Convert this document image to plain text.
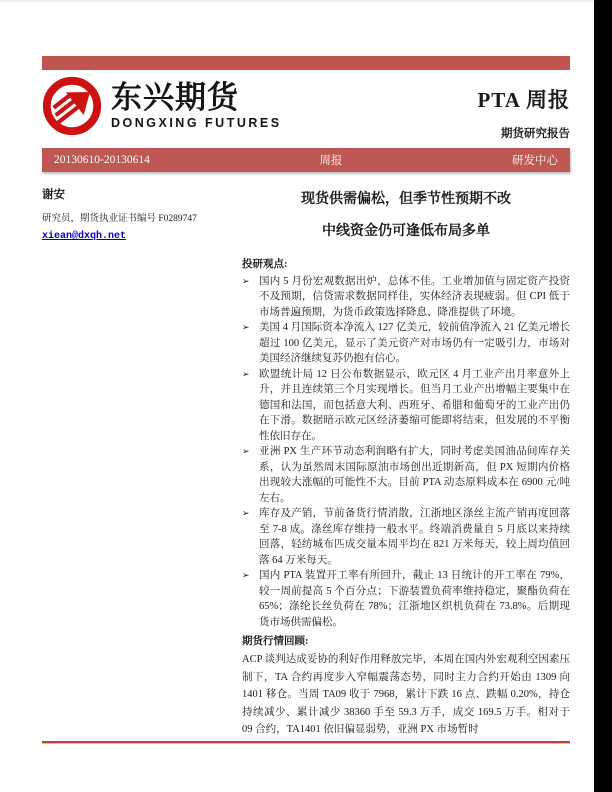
东兴期货
DONGXING FUTURES
PTA 周报
期货研究报告
20130610-20130614	周报	研发中心
谢安
研究员，期货执业证书编号 F0289747
xiean@dxqh.net
现货供需偏松，但季节性预期不改
中线资金仍可逢低布局多单
投研观点:
➢ 国内 5 月份宏观数据出炉，总体不佳。工业增加值与固定资产投资不及预期，信贷需求数据同样佳，实体经济表现疲弱。但 CPI 低于市场普遍预期，为货币政策选择降息、降准提供了环境。
➢ 美国 4 月国际资本净流入 127 亿美元，较前值净流入 21 亿美元增长超过 100 亿美元，显示了美元资产对市场仍有一定吸引力，市场对美国经济继续复苏仍抱有信心。
➢ 欧盟统计局 12 日公布数据显示，欧元区 4 月工业产出月率意外上升，并且连续第三个月实现增长。但当月工业产出增幅主要集中在德国和法国，而包括意大利、西班牙、希腊和葡萄牙的工业产出仍在下滑。数据暗示欧元区经济萎缩可能即将结束，但发展的不平衡性依旧存在。
➢ 亚洲 PX 生产环节动态利润略有扩大，同时考虑美国油品间库存关系，认为虽然周末国际原油市场创出近期新高，但 PX 短期内价格出现较大涨幅的可能性不大。目前 PTA 动态原料成本在 6900 元/吨左右。
➢ 库存及产销，节前备货行情消散，江浙地区涤丝主流产销再度回落至 7-8 成。涤丝库存维持一般水平。终端消费量自 5 月底以来持续回落，轻纺城布匹成交量本周平均在 821 万米每天，较上周均值回落 64 万米每天。
➢ 国内 PTA 装置开工率有所回升，截止 13 日统计的开工率在 79%，较一周前提高 5 个百分点；下游装置负荷率维持稳定，聚酯负荷在 65%；涤纶长丝负荷在 78%；江浙地区织机负荷在 73.8%。后期现货市场供需偏松。
期货行情回顾:
ACP 谈判达成妥协的利好作用释放完毕，本周在国内外宏观利空因素压制下，TA 合约再度步入窄幅震荡态势，同时主力合约开始由 1309 向 1401 移仓。当周 TA09 收于 7968，累计下跌 16 点、跌幅 0.20%，持仓持续减少、累计减少 38360 手至 59.3 万手，成交 169.5 万手。相对于 09 合约，TA1401 依旧偏显弱势，亚洲 PX 市场暂时
